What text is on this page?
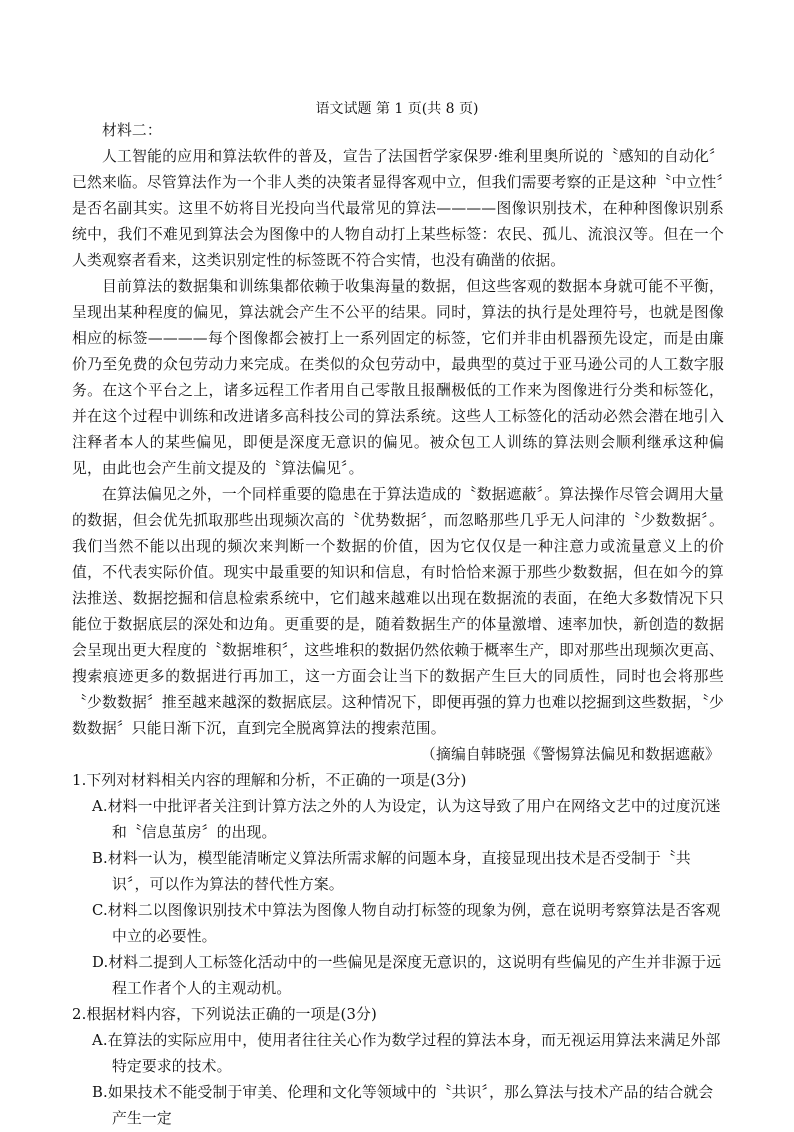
语文试题 第 1 页(共 8 页)

材料二：

人工智能的应用和算法软件的普及，宣告了法国哲学家保罗·维利里奥所说的〝感知的自动化〞已然来临。尽管算法作为一个非人类的决策者显得客观中立，但我们需要考察的正是这种〝中立性〞是否名副其实。这里不妨将目光投向当代最常见的算法————图像识别技术，在种种图像识别系统中，我们不难见到算法会为图像中的人物自动打上某些标签：农民、孤儿、流浪汉等。但在一个人类观察者看来，这类识别定性的标签既不符合实情，也没有确凿的依据。

目前算法的数据集和训练集都依赖于收集海量的数据，但这些客观的数据本身就可能不平衡，呈现出某种程度的偏见，算法就会产生不公平的结果。同时，算法的执行是处理符号，也就是图像相应的标签————每个图像都会被打上一系列固定的标签，它们并非由机器预先设定，而是由廉价乃至免费的众包劳动力来完成。在类似的众包劳动中，最典型的莫过于亚马逊公司的人工数字服务。在这个平台之上，诸多远程工作者用自己零散且报酬极低的工作来为图像进行分类和标签化，并在这个过程中训练和改进诸多高科技公司的算法系统。这些人工标签化的活动必然会潜在地引入注释者本人的某些偏见，即便是深度无意识的偏见。被众包工人训练的算法则会顺利继承这种偏见，由此也会产生前文提及的〝算法偏见〞。

在算法偏见之外，一个同样重要的隐患在于算法造成的〝数据遮蔽〞。算法操作尽管会调用大量的数据，但会优先抓取那些出现频次高的〝优势数据〞，而忽略那些几乎无人问津的〝少数数据〞。我们当然不能以出现的频次来判断一个数据的价值，因为它仅仅是一种注意力或流量意义上的价值，不代表实际价值。现实中最重要的知识和信息，有时恰恰来源于那些少数数据，但在如今的算法推送、数据挖掘和信息检索系统中，它们越来越难以出现在数据流的表面，在绝大多数情况下只能位于数据底层的深处和边角。更重要的是，随着数据生产的体量激增、速率加快，新创造的数据会呈现出更大程度的〝数据堆积〞，这些堆积的数据仍然依赖于概率生产，即对那些出现频次更高、搜索痕迹更多的数据进行再加工，这一方面会让当下的数据产生巨大的同质性，同时也会将那些〝少数数据〞推至越来越深的数据底层。这种情况下，即便再强的算力也难以挖掘到这些数据，〝少数数据〞只能日渐下沉，直到完全脱离算法的搜索范围。

（摘编自韩晓强《警惕算法偏见和数据遮蔽》

1.下列对材料相关内容的理解和分析，不正确的一项是(3分)

A.材料一中批评者关注到计算方法之外的人为设定，认为这导致了用户在网络文艺中的过度沉迷和〝信息茧房〞的出现。

B.材料一认为，模型能清晰定义算法所需求解的问题本身，直接显现出技术是否受制于〝共识〞，可以作为算法的替代性方案。

C.材料二以图像识别技术中算法为图像人物自动打标签的现象为例，意在说明考察算法是否客观中立的必要性。

D.材料二提到人工标签化活动中的一些偏见是深度无意识的，这说明有些偏见的产生并非源于远程工作者个人的主观动机。

2.根据材料内容，下列说法正确的一项是(3分)

A.在算法的实际应用中，使用者往往关心作为数学过程的算法本身，而无视运用算法来满足外部特定要求的技术。

B.如果技术不能受制于审美、伦理和文化等领域中的〝共识〞，那么算法与技术产品的结合就会产生一定
